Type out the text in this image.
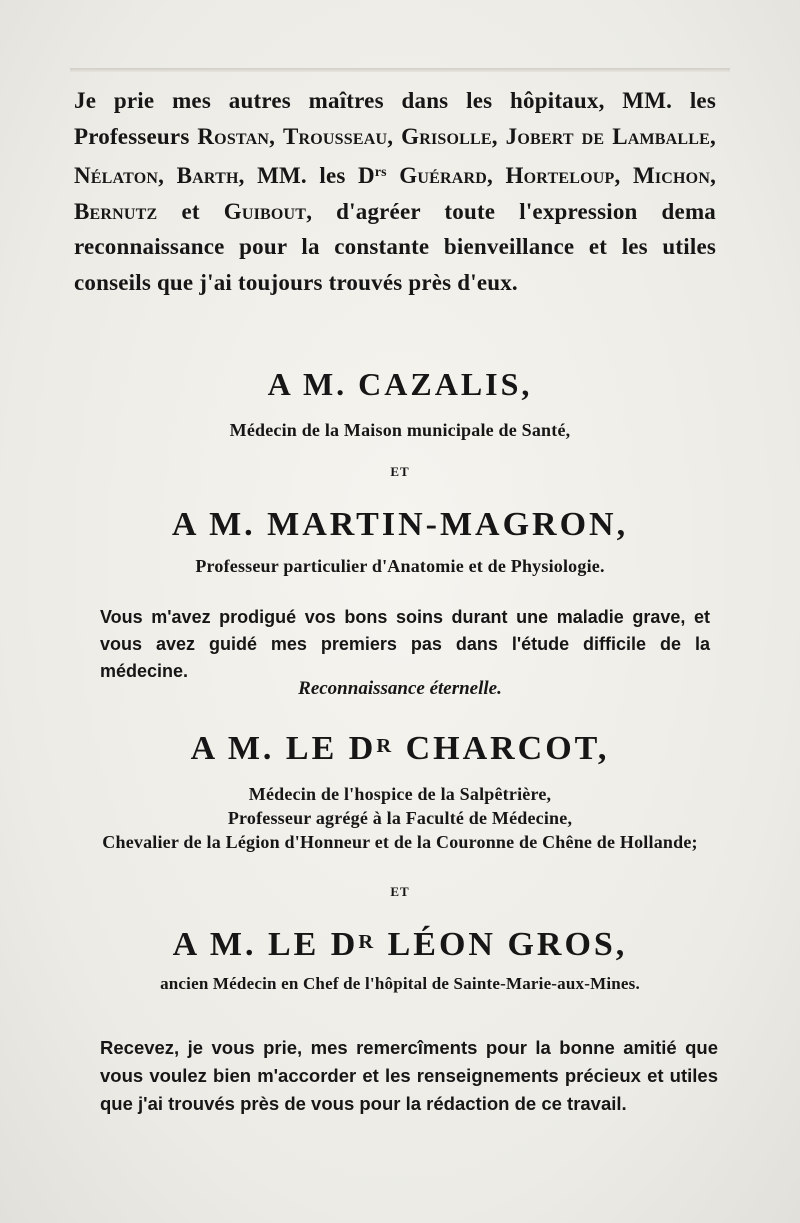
Je prie mes autres maîtres dans les hôpitaux, MM. les Professeurs Rostan, Trousseau, Grisolle, Jobert de Lamballe, Nélaton, Barth, MM. les $D^{rs}$ Guérard, Horteloup, Michon, Bernutz et Guibout, d'agréer toute l'expression dema reconnaissance pour la constante bienveillance et les utiles conseils que j'ai toujours trouvés près d'eux.
A M. CAZALIS,
Médecin de la Maison municipale de Santé,
ET
A M. MARTIN-MAGRON,
Professeur particulier d'Anatomie et de Physiologie.
Vous m'avez prodigué vos bons soins durant une maladie grave, et vous avez guidé mes premiers pas dans l'étude difficile de la médecine.
Reconnaissance éternelle.
A M. LE $D^R$ CHARCOT,
Médecin de l'hospice de la Salpêtrière,
Professeur agrégé à la Faculté de Médecine,
Chevalier de la Légion d'Honneur et de la Couronne de Chêne de Hollande;
ET
A M. LE $D^R$ LÉON GROS,
ancien Médecin en Chef de l'hôpital de Sainte-Marie-aux-Mines.
Recevez, je vous prie, mes remercîments pour la bonne amitié que vous voulez bien m'accorder et les renseignements précieux et utiles que j'ai trouvés près de vous pour la rédaction de ce travail.
